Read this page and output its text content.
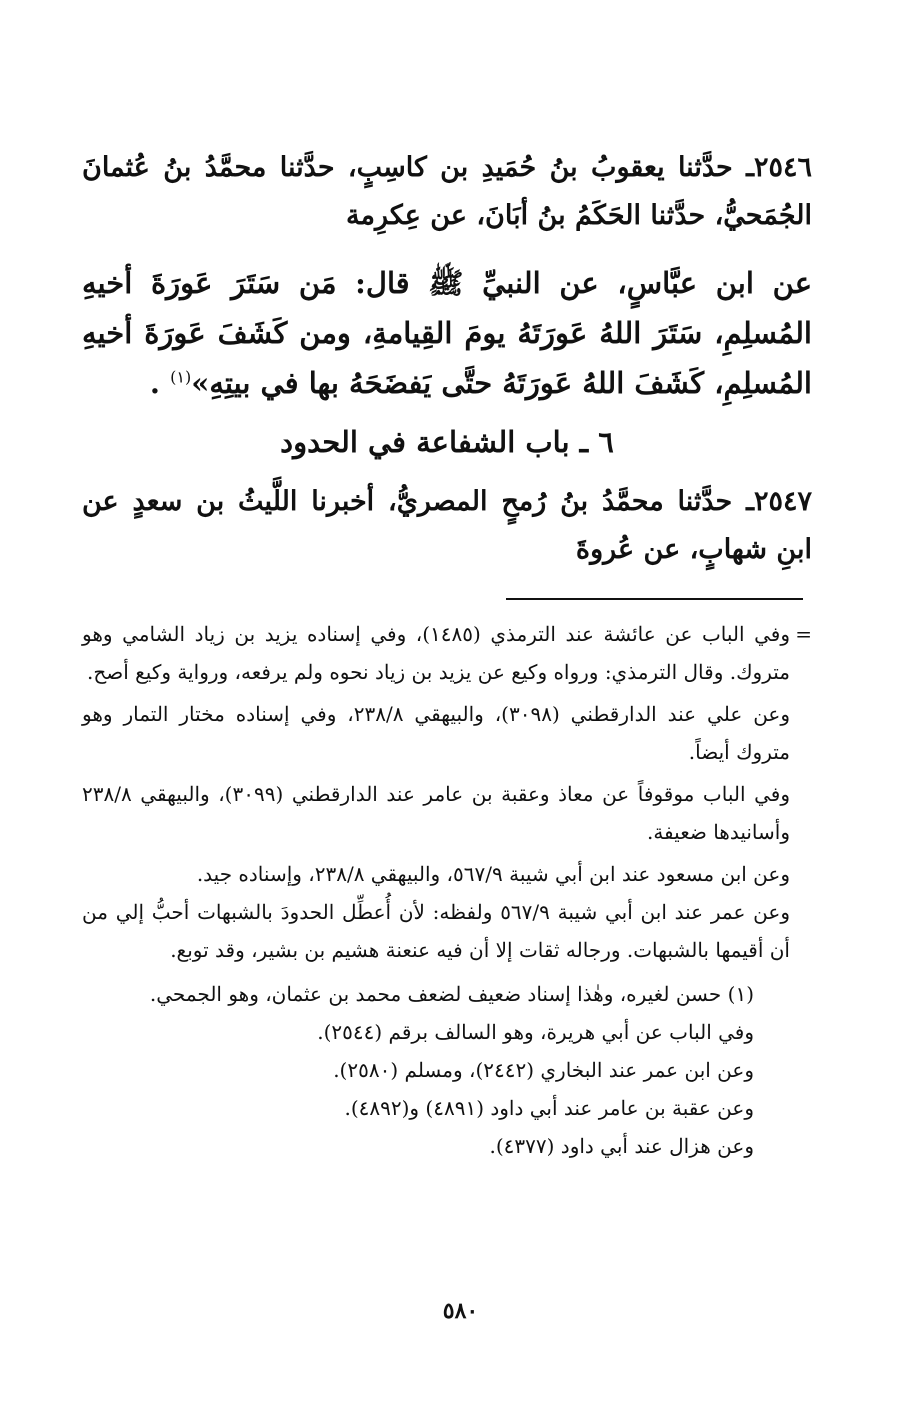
٢٥٤٦ـ حدَّثنا يعقوبُ بنُ حُمَيدِ بن كاسِبٍ، حدَّثنا محمَّدُ بنُ عُثمانَ الجُمَحيُّ، حدَّثنا الحَكَمُ بنُ أبَانَ، عن عِكرِمة

عن ابن عبَّاسٍ، عن النبيِّ ﷺ قال: مَن سَتَرَ عَورَةَ أخيهِ المُسلِمِ، سَتَرَ اللهُ عَورَتَهُ يومَ القِيامةِ، ومن كَشَفَ عَورَةَ أخيهِ المُسلِمِ، كَشَفَ اللهُ عَورَتَهُ حتَّى يَفضَحَهُ بها في بيتِهِ»$^{(١)}$ .

٦ ـ باب الشفاعة في الحدود

٢٥٤٧ـ حدَّثنا محمَّدُ بنُ رُمحٍ المصريُّ، أخبرنا اللَّيثُ بن سعدٍ عن ابنِ شهابٍ، عن عُروةَ

=
وفي الباب عن عائشة عند الترمذي (١٤٨٥)، وفي إسناده يزيد بن زياد الشامي وهو متروك. وقال الترمذي: ورواه وكيع عن يزيد بن زياد نحوه ولم يرفعه، ورواية وكيع أصح.

وعن علي عند الدارقطني (٣٠٩٨)، والبيهقي ٢٣٨/٨، وفي إسناده مختار التمار وهو متروك أيضاً.

وفي الباب موقوفاً عن معاذ وعقبة بن عامر عند الدارقطني (٣٠٩٩)، والبيهقي ٢٣٨/٨ وأسانيدها ضعيفة.

وعن ابن مسعود عند ابن أبي شيبة ٥٦٧/٩، والبيهقي ٢٣٨/٨، وإسناده جيد.

وعن عمر عند ابن أبي شيبة ٥٦٧/٩ ولفظه: لأن أُعطِّل الحدودَ بالشبهات أحبُّ إلي من أن أقيمها بالشبهات. ورجاله ثقات إلا أن فيه عنعنة هشيم بن بشير، وقد توبع.

(١) حسن لغيره، وهٰذا إسناد ضعيف لضعف محمد بن عثمان، وهو الجمحي.

وفي الباب عن أبي هريرة، وهو السالف برقم (٢٥٤٤).

وعن ابن عمر عند البخاري (٢٤٤٢)، ومسلم (٢٥٨٠).

وعن عقبة بن عامر عند أبي داود (٤٨٩١) و(٤٨٩٢).

وعن هزال عند أبي داود (٤٣٧٧).

٥٨٠
